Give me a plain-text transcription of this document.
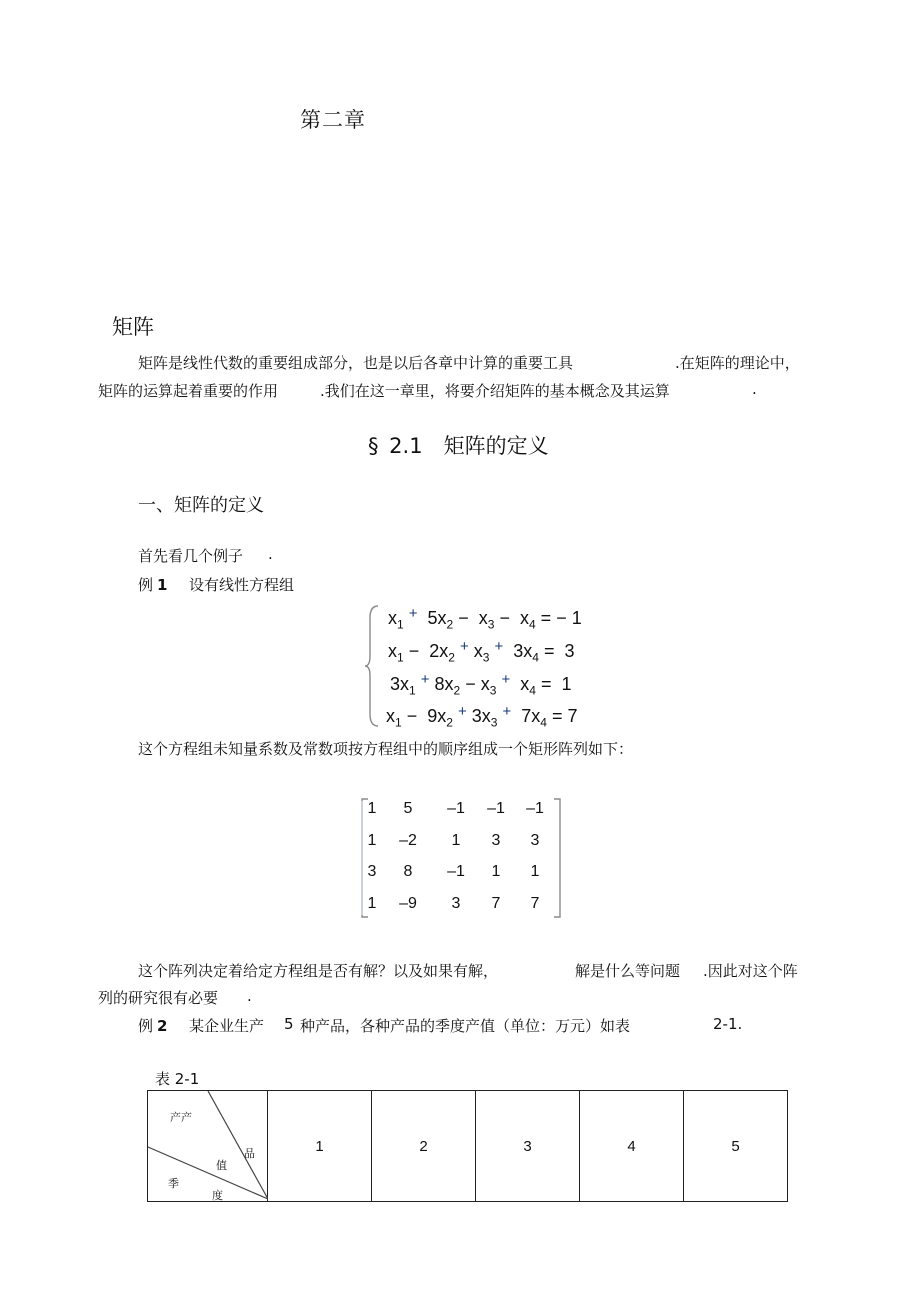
第二章
矩阵
矩阵是线性代数的重要组成部分，也是以后各章中计算的重要工具	.在矩阵的理论中，
矩阵的运算起着重要的作用	.我们在这一章里，将要介绍矩阵的基本概念及其运算	.
§ 2.1　矩阵的定义
一、矩阵的定义
首先看几个例子 .
例 1 设有线性方程组
$x_1$ + $5x_2 - x_3 - x_4$ = − 1
$x_1 - 2x_2$ + $x_3$ + $3x_4 = 3$
$3x_1$ + $8x_2 - x_3$ + $x_4 = 1$
$x_1 - 9x_2$ + $3x_3$ + $7x_4 = 7$
这个方程组未知量系数及常数项按方程组中的顺序组成一个矩形阵列如下：
1	5	–1	–1	–1
1	–2	1	3	3
3	8	–1	1	1
1	–9	3	7	7
这个阵列决定着给定方程组是否有解？以及如果有解，	解是什么等问题 .因此对这个阵
列的研究很有必要 .
例 2 某企业生产 5 种产品，各种产品的季度产值（单位：万元）如表	2-1.
表 2-1
产产
品
值
季
度
	1	2	3	4	5
